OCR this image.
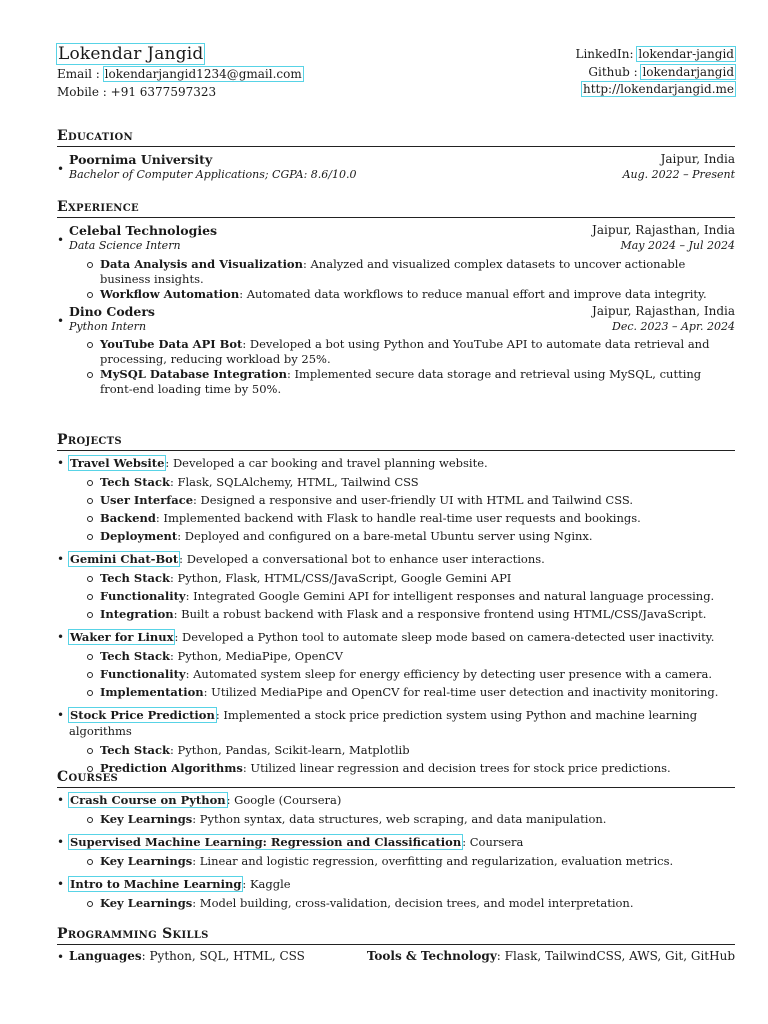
Lokendar Jangid
Email : lokendarjangid1234@gmail.com
Mobile : +91 6377597323
LinkedIn: lokendar-jangid
Github : lokendarjangid
http://lokendarjangid.me
Education
•
Poornima University	Jaipur, India
Bachelor of Computer Applications; CGPA: 8.6/10.0	Aug. 2022 – Present
Experience
•
Celebal Technologies	Jaipur, Rajasthan, India
Data Science Intern	May 2024 – Jul 2024
Data Analysis and Visualization: Analyzed and visualized complex datasets to uncover actionable business insights.
Workflow Automation: Automated data workflows to reduce manual effort and improve data integrity.
•
Dino Coders	Jaipur, Rajasthan, India
Python Intern	Dec. 2023 – Apr. 2024
YouTube Data API Bot: Developed a bot using Python and YouTube API to automate data retrieval and processing, reducing workload by 25%.
MySQL Database Integration: Implemented secure data storage and retrieval using MySQL, cutting front-end loading time by 50%.
Projects
• Travel Website: Developed a car booking and travel planning website.
Tech Stack: Flask, SQLAlchemy, HTML, Tailwind CSS
User Interface: Designed a responsive and user-friendly UI with HTML and Tailwind CSS.
Backend: Implemented backend with Flask to handle real-time user requests and bookings.
Deployment: Deployed and configured on a bare-metal Ubuntu server using Nginx.
• Gemini Chat-Bot: Developed a conversational bot to enhance user interactions.
Tech Stack: Python, Flask, HTML/CSS/JavaScript, Google Gemini API
Functionality: Integrated Google Gemini API for intelligent responses and natural language processing.
Integration: Built a robust backend with Flask and a responsive frontend using HTML/CSS/JavaScript.
• Waker for Linux: Developed a Python tool to automate sleep mode based on camera-detected user inactivity.
Tech Stack: Python, MediaPipe, OpenCV
Functionality: Automated system sleep for energy efficiency by detecting user presence with a camera.
Implementation: Utilized MediaPipe and OpenCV for real-time user detection and inactivity monitoring.
• Stock Price Prediction: Implemented a stock price prediction system using Python and machine learning algorithms
Tech Stack: Python, Pandas, Scikit-learn, Matplotlib
Prediction Algorithms: Utilized linear regression and decision trees for stock price predictions.
Courses
• Crash Course on Python: Google (Coursera)
Key Learnings: Python syntax, data structures, web scraping, and data manipulation.
• Supervised Machine Learning: Regression and Classification: Coursera
Key Learnings: Linear and logistic regression, overfitting and regularization, evaluation metrics.
• Intro to Machine Learning: Kaggle
Key Learnings: Model building, cross-validation, decision trees, and model interpretation.
Programming Skills
• Languages: Python, SQL, HTML, CSS	Tools & Technology: Flask, TailwindCSS, AWS, Git, GitHub
